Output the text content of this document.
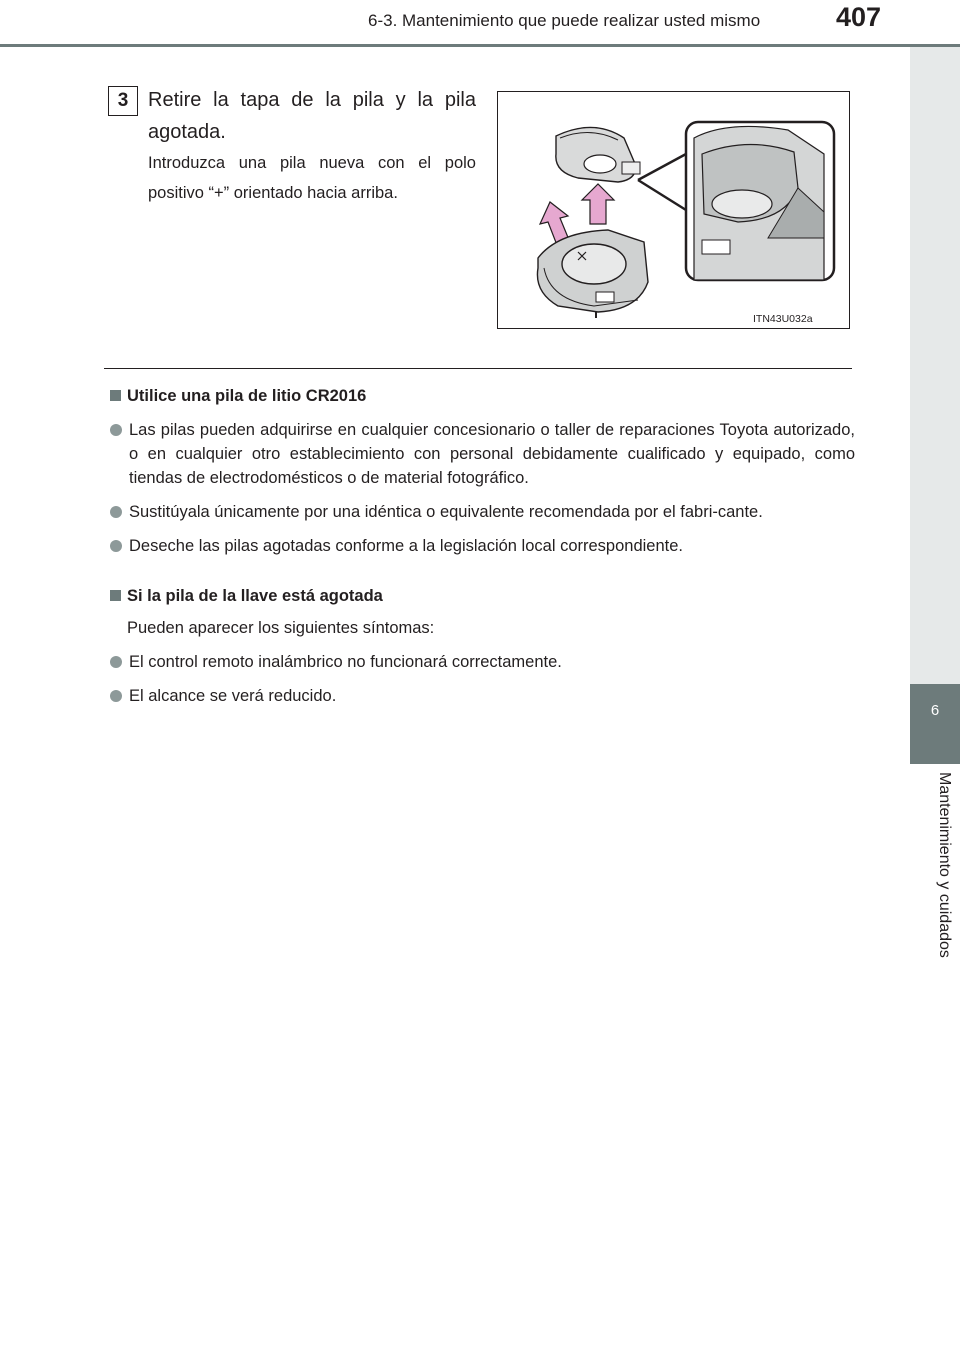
6-3. Mantenimiento que puede realizar usted mismo	407
6
Mantenimiento y cuidados
3 Retire la tapa de la pila y la pila agotada.
Introduzca una pila nueva con el polo positivo “+” orientado hacia arriba.
ITN43U032a
Utilice una pila de litio CR2016
Las pilas pueden adquirirse en cualquier concesionario o taller de reparaciones Toyota autorizado, o en cualquier otro establecimiento con personal debidamente cualificado y equipado, como tiendas de electrodomésticos o de material fotográfico.
Sustitúyala únicamente por una idéntica o equivalente recomendada por el fabri-cante.
Deseche las pilas agotadas conforme a la legislación local correspondiente.
Si la pila de la llave está agotada
Pueden aparecer los siguientes síntomas:
El control remoto inalámbrico no funcionará correctamente.
El alcance se verá reducido.
